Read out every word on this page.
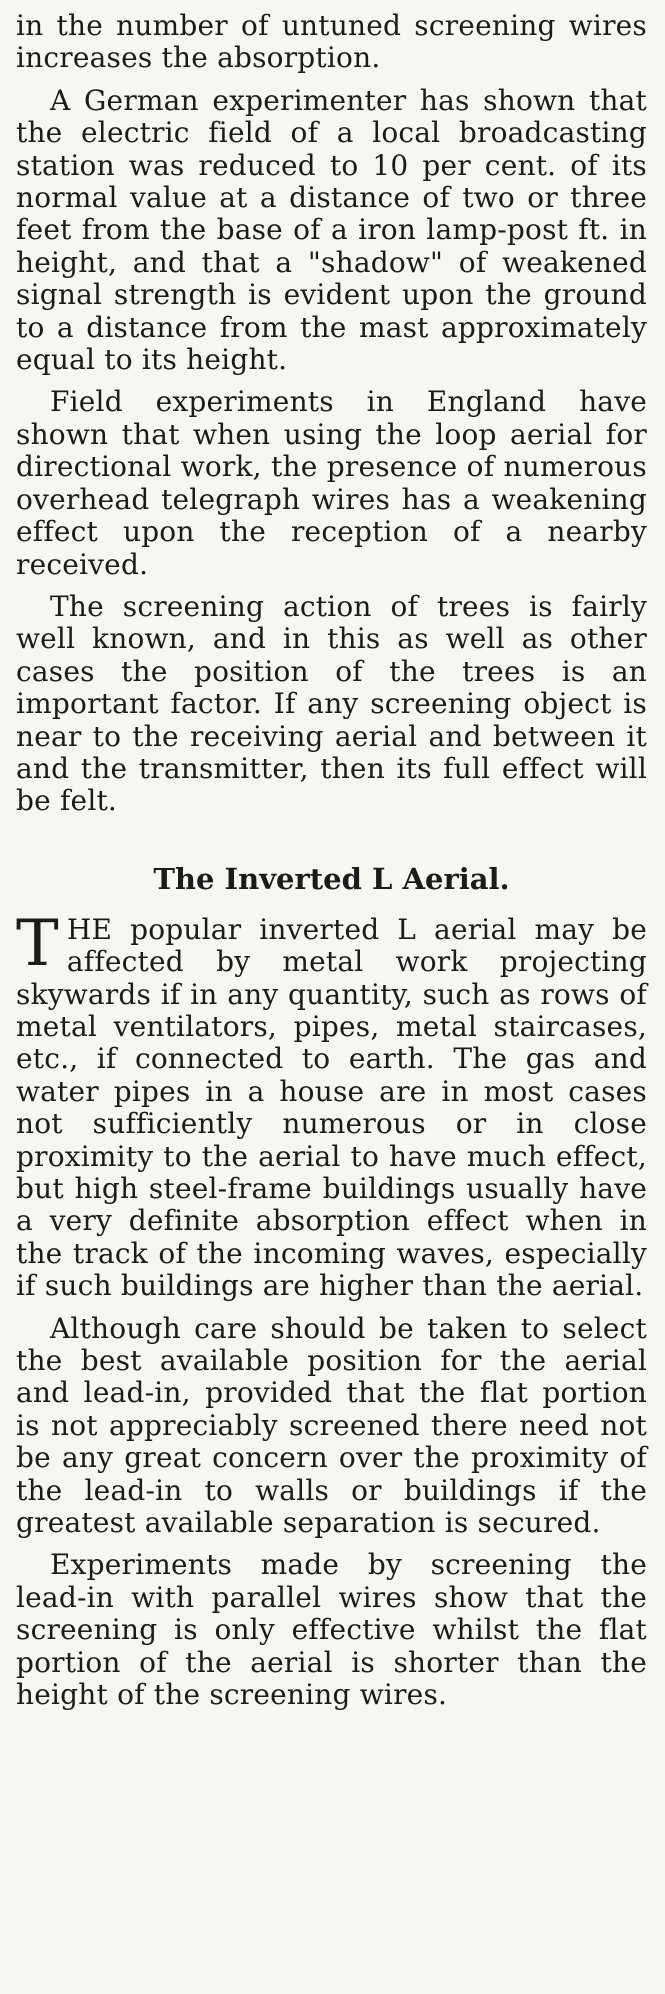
in the number of untuned screening wires increases the absorption.

A German experimenter has shown that the electric field of a local broadcasting station was reduced to 10 per cent. of its normal value at a distance of two or three feet from the base of a iron lamp-post ft. in height, and that a "shadow" of weakened signal strength is evident upon the ground to a distance from the mast approximately equal to its height.

Field experiments in England have shown that when using the loop aerial for directional work, the presence of numerous overhead telegraph wires has a weakening effect upon the reception of a nearby received.

The screening action of trees is fairly well known, and in this as well as other cases the position of the trees is an important factor. If any screening object is near to the receiving aerial and between it and the transmitter, then its full effect will be felt.

The Inverted L Aerial.

THE popular inverted L aerial may be affected by metal work projecting skywards if in any quantity, such as rows of metal ventilators, pipes, metal staircases, etc., if connected to earth. The gas and water pipes in a house are in most cases not sufficiently numerous or in close proximity to the aerial to have much effect, but high steel-frame buildings usually have a very definite absorption effect when in the track of the incoming waves, especially if such buildings are higher than the aerial.

Although care should be taken to select the best available position for the aerial and lead-in, provided that the flat portion is not appreciably screened there need not be any great concern over the proximity of the lead-in to walls or buildings if the greatest available separation is secured.

Experiments made by screening the lead-in with parallel wires show that the screening is only effective whilst the flat portion of the aerial is shorter than the height of the screening wires.
